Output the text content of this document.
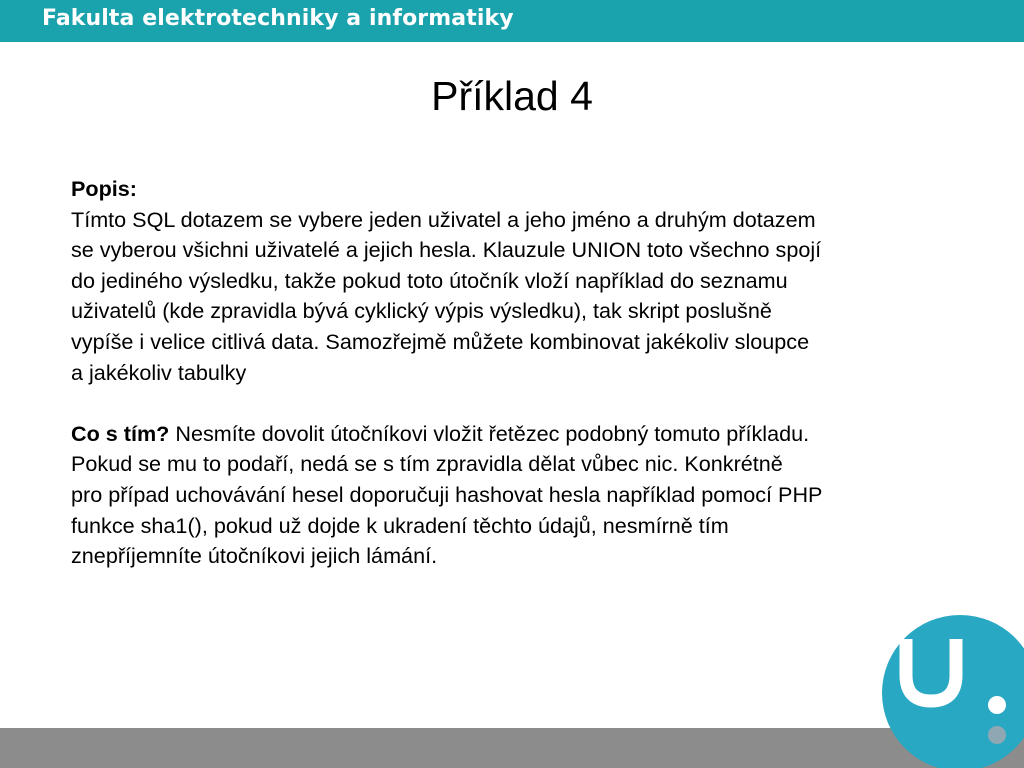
Fakulta elektrotechniky a informatiky
Příklad 4
Popis:
Tímto SQL dotazem se vybere jeden uživatel a jeho jméno a druhým dotazem
se vyberou všichni uživatelé a jejich hesla. Klauzule UNION toto všechno spojí
do jediného výsledku, takže pokud toto útočník vloží například do seznamu
uživatelů (kde zpravidla bývá cyklický výpis výsledku), tak skript poslušně
vypíše i velice citlivá data. Samozřejmě můžete kombinovat jakékoliv sloupce
a jakékoliv tabulky
Co s tím? Nesmíte dovolit útočníkovi vložit řetězec podobný tomuto příkladu.
Pokud se mu to podaří, nedá se s tím zpravidla dělat vůbec nic. Konkrétně
pro případ uchovávání hesel doporučuji hashovat hesla například pomocí PHP
funkce sha1(), pokud už dojde k ukradení těchto údajů, nesmírně tím
znepříjemníte útočníkovi jejich lámání.
